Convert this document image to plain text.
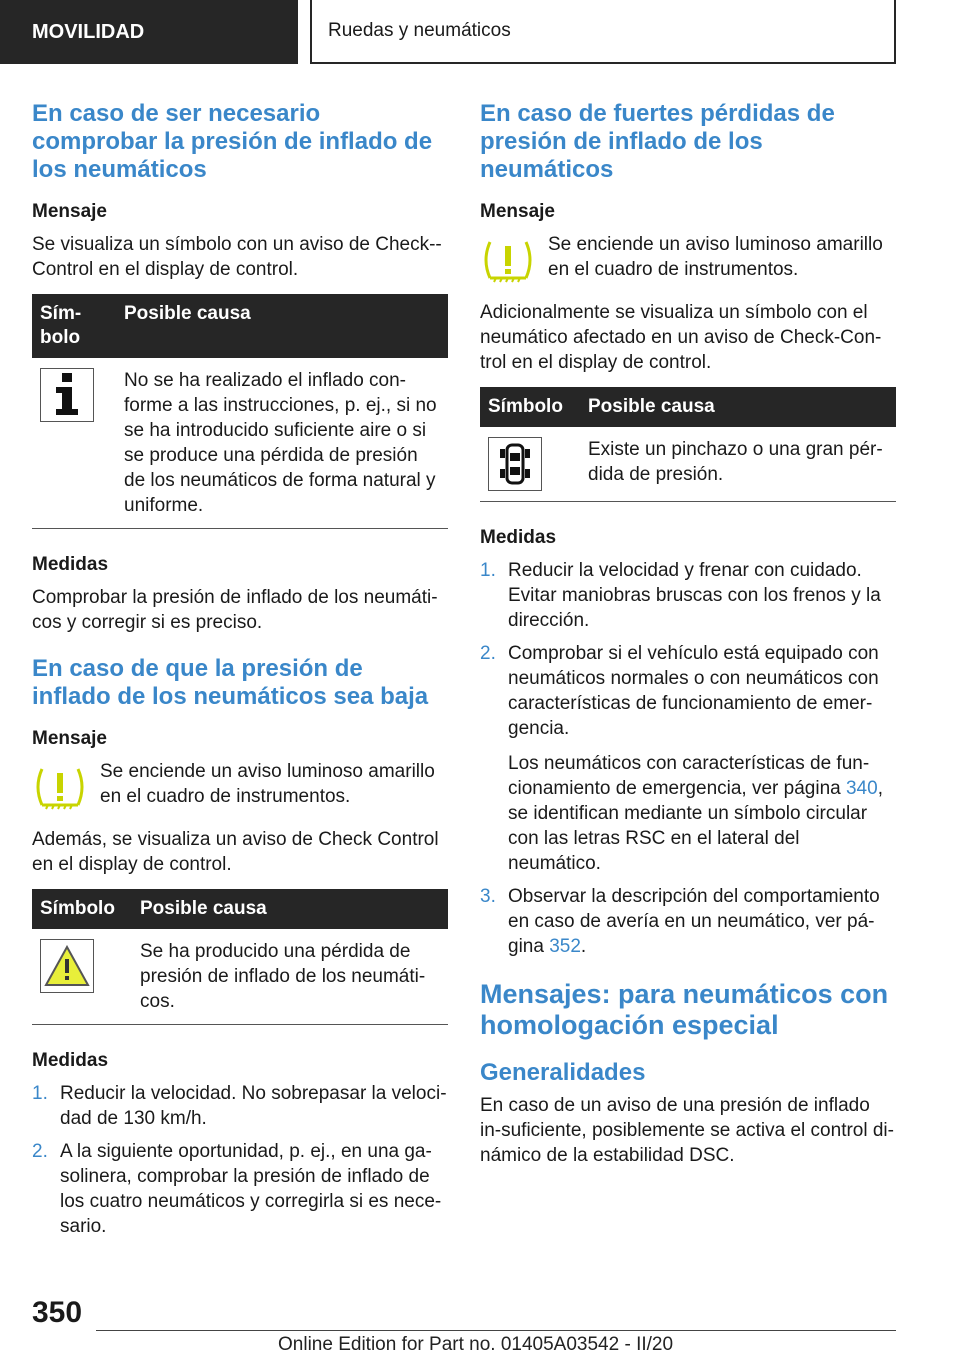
MOVILIDAD	Ruedas y neumáticos
En caso de ser necesario comprobar la presión de inflado de los neumáticos
Mensaje

Se visualiza un símbolo con un aviso de Check--Control en el display de control.

Sím-bolo	Posible causa

	No se ha realizado el inflado con-forme a las instrucciones, p. ej., si no se ha introducido suficiente aire o si se produce una pérdida de presión de los neumáticos de forma natural y uniforme.
Medidas

Comprobar la presión de inflado de los neumáti-cos y corregir si es preciso.

En caso de que la presión de inflado de los neumáticos sea baja
Mensaje
Se enciende un aviso luminoso amarillo en el cuadro de instrumentos.

Además, se visualiza un aviso de Check Control en el display de control.

Símbolo	Posible causa

	Se ha producido una pérdida de presión de inflado de los neumáti-cos.
Medidas
1. Reducir la velocidad. No sobrepasar la veloci-dad de 130 km/h.
2. A la siguiente oportunidad, p. ej., en una ga-solinera, comprobar la presión de inflado de los cuatro neumáticos y corregirla si es nece-sario.
En caso de fuertes pérdidas de presión de inflado de los neumáticos
Mensaje
Se enciende un aviso luminoso amarillo en el cuadro de instrumentos.

Adicionalmente se visualiza un símbolo con el neumático afectado en un aviso de Check-Con-trol en el display de control.

Símbolo	Posible causa

	Existe un pinchazo o una gran pér-dida de presión.
Medidas
1. Reducir la velocidad y frenar con cuidado. Evitar maniobras bruscas con los frenos y la dirección.
2. Comprobar si el vehículo está equipado con neumáticos normales o con neumáticos con características de funcionamiento de emer-gencia.
Los neumáticos con características de fun-cionamiento de emergencia, ver página 340, se identifican mediante un símbolo circular con las letras RSC en el lateral del neumático.
3. Observar la descripción del comportamiento en caso de avería en un neumático, ver pá-gina 352.
Mensajes: para neumáticos con homologación especial
Generalidades

En caso de un aviso de una presión de inflado in-suficiente, posiblemente se activa el control di-námico de la estabilidad DSC.

350
Online Edition for Part no. 01405A03542 - II/20
